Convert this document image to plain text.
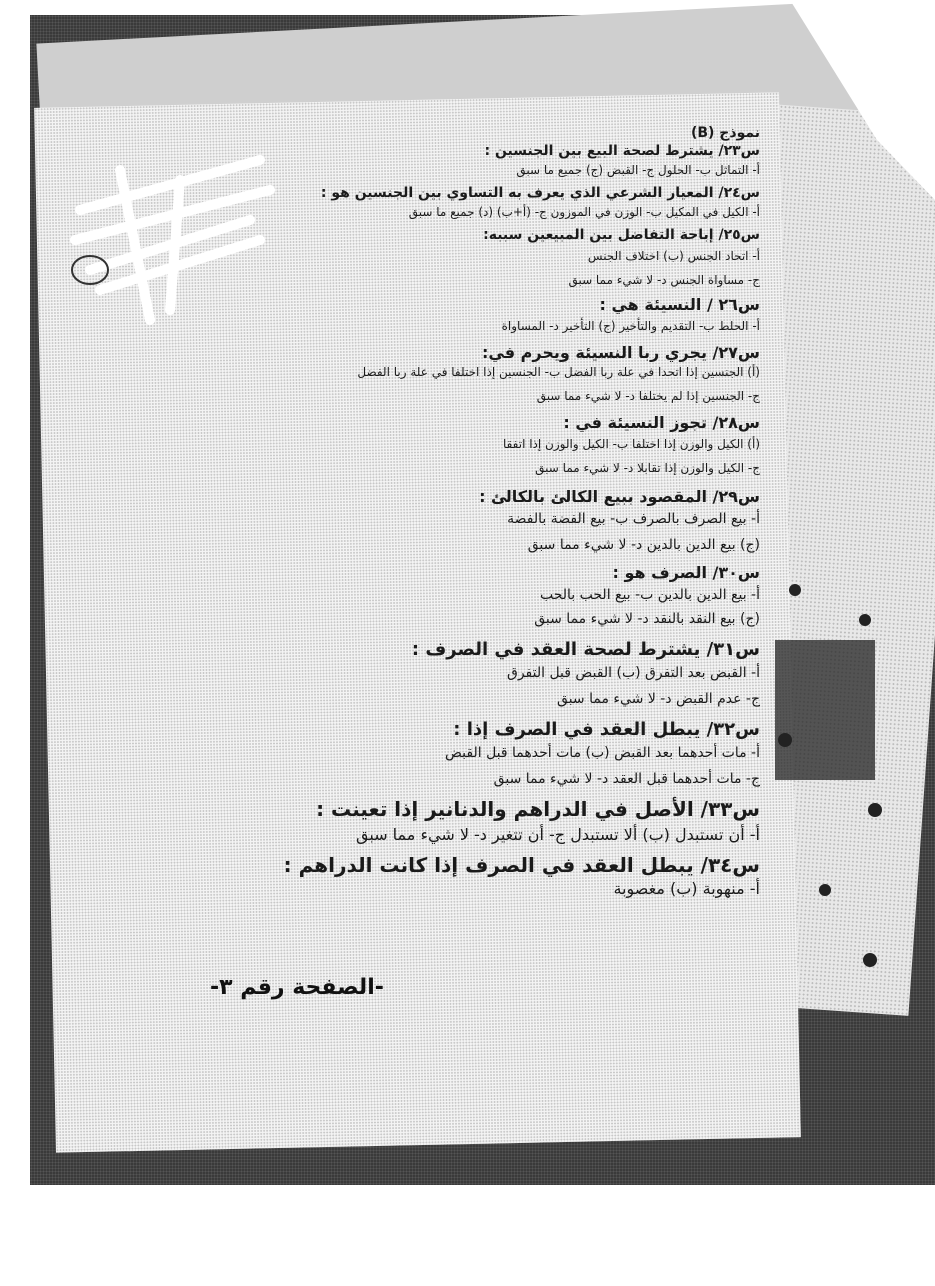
نموذج (B)
س٢٣/ يشترط لصحة البيع بين الجنسين :
أ- التماثل ب- الحلول ج- القبض (ج) جميع ما سبق
س٢٤/ المعيار الشرعي الذي يعرف به التساوي بين الجنسين هو :
أ- الكيل في المكيل ب- الوزن في الموزون ج- (أ+ب) (د) جميع ما سبق
س٢٥/ إباحة التفاضل بين المبيعين سببه:
أ- اتحاد الجنس (ب) اختلاف الجنس
ج- مساواة الجنس د- لا شيء مما سبق
س٢٦ / النسيئة هي :
أ- الحلط ب- التقديم والتأخير (ج) التأخير د- المساواة
س٢٧/ يجري ربا النسيئة ويحرم في:
(أ) الجنسين إذا اتحدا في علة ربا الفضل ب- الجنسين إذا اختلفا في علة ربا الفضل
ج- الجنسين إذا لم يختلفا د- لا شيء مما سبق
س٢٨/ تجوز النسيئة في :
(أ) الكيل والوزن إذا اختلفا ب- الكيل والوزن إذا اتفقا
ج- الكيل والوزن إذا تقابلا د- لا شيء مما سبق
س٢٩/ المقصود ببيع الكالئ بالكالئ :
أ- بيع الصرف بالصرف ب- بيع الفضة بالفضة
(ج) بيع الدين بالدين د- لا شيء مما سبق
س٣٠/ الصرف هو :
أ- بيع الدين بالدين ب- بيع الحب بالحب
(ج) بيع النقد بالنقد د- لا شيء مما سبق
س٣١/ يشترط لصحة العقد في الصرف :
أ- القبض بعد التفرق (ب) القبض قبل التفرق
ج- عدم القبض د- لا شيء مما سبق
س٣٢/ يبطل العقد في الصرف إذا :
أ- مات أحدهما بعد القبض (ب) مات أحدهما قبل القبض
ج- مات أحدهما قبل العقد د- لا شيء مما سبق
س٣٣/ الأصل في الدراهم والدنانير إذا تعينت :
أ- أن تستبدل (ب) ألا تستبدل ج- أن تتغير د- لا شيء مما سبق
س٣٤/ يبطل العقد في الصرف إذا كانت الدراهم :
أ- منهوبة (ب) مغصوبة
-الصفحة رقم ٣-
